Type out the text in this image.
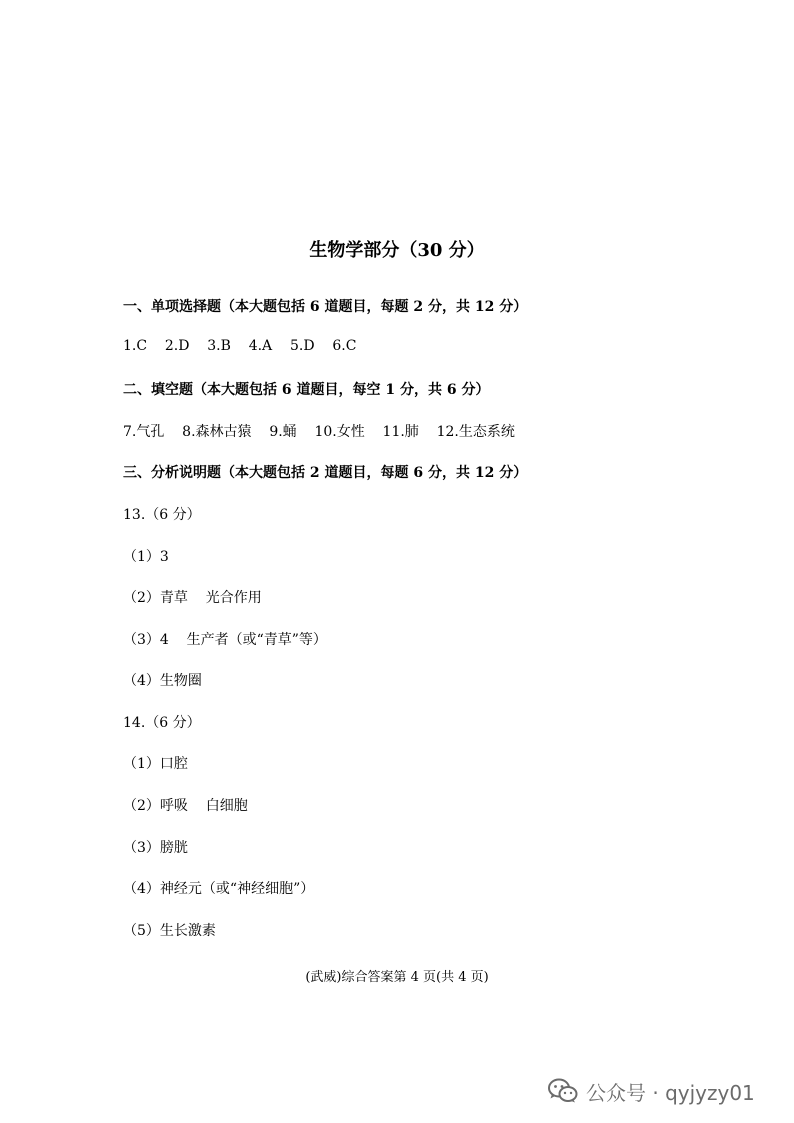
生物学部分（30 分）
一、单项选择题（本大题包括 6 道题目，每题 2 分，共 12 分）
1.C    2.D    3.B    4.A    5.D    6.C
二、填空题（本大题包括 6 道题目，每空 1 分，共 6 分）
7.气孔    8.森林古猿    9.蛹    10.女性    11.肺    12.生态系统
三、分析说明题（本大题包括 2 道题目，每题 6 分，共 12 分）
13.（6 分）
（1）3
（2）青草    光合作用
（3）4    生产者（或“青草”等）
（4）生物圈
14.（6 分）
（1）口腔
（2）呼吸    白细胞
（3）膀胱
（4）神经元（或“神经细胞”）
（5）生长激素
(武威)综合答案第 4 页(共 4 页)
公众号 · qyjyzy01
